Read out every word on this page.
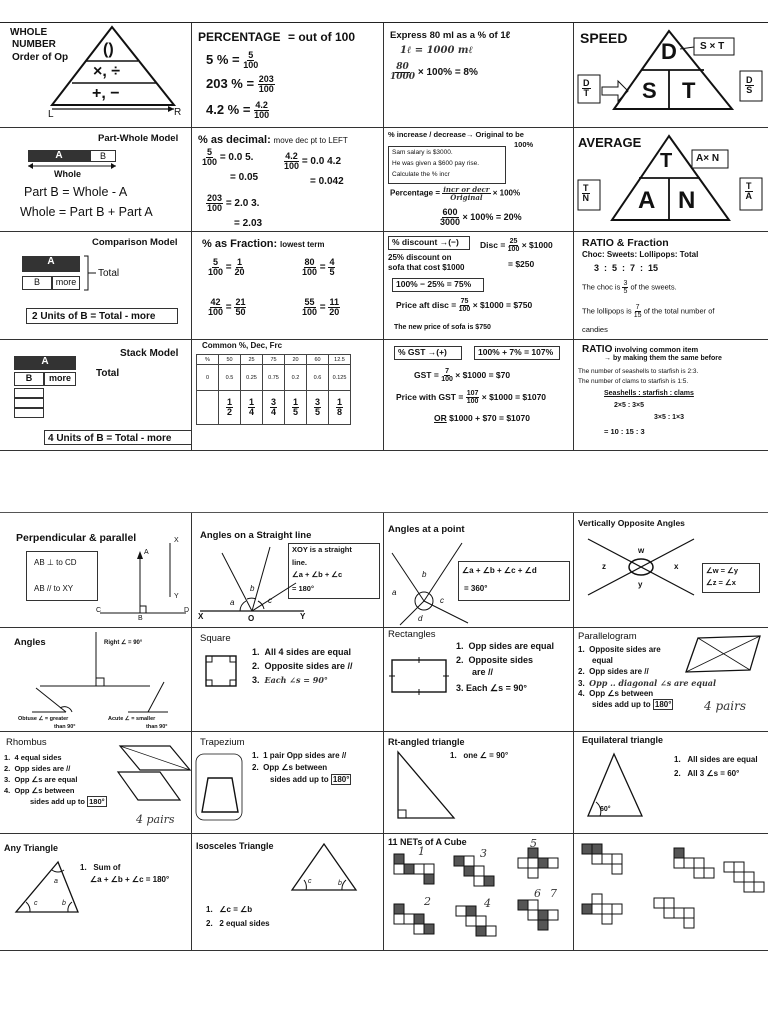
WHOLE
NUMBER
Order of Op ()
×, ÷
+, −
L	R
PERCENTAGE = out of 100
5 % = $\frac{5}{100}$
203 % = $\frac{203}{100}$
4.2 % = $\frac{4.2}{100}$
Express 80 ml as a % of 1ℓ
1ℓ = 1000 mℓ
$\frac{80}{1000} \times 100\% = 8\%$
SPEED
D
S T
S × T
$\frac{D}{T}$	$\frac{D}{S}$
Part-Whole Model
A	B
Whole
Part B = Whole - A
Whole = Part B + Part A
% as decimal: move dec pt to LEFT
$\frac{5}{100} = 0.0$ 5.
= 0.05
$\frac{4.2}{100} = 0.0$ 4.2
= 0.042
$\frac{203}{100} = 2.0$ 3.
= 2.03
% increase / decrease→ Original to be
100%
Sam salary is $3000.
He was given a $600 pay rise.
Calculate the % incr
Percentage = $\frac{\text{incr or decr}}{\text{Original}} \times 100\%$
$\frac{600}{3000} \times 100\% = 20\%$
AVERAGE
T
A N
A× N
$\frac{T}{N}$	$\frac{T}{A}$
Comparison Model
A
B	more
Total
2 Units of B = Total - more
% as Fraction: lowest term
$\frac{5}{100} = \frac{1}{20}$	$\frac{80}{100} = \frac{4}{5}$
$\frac{42}{100} = \frac{21}{50}$	$\frac{55}{100} = \frac{11}{20}$
% discount →(−) Disc = $\frac{25}{100}$ × $1000
= $250
25% discount on
sofa that cost $1000
100% − 25% = 75%
Price aft disc = $\frac{75}{100}$ × $1000 = $750
The new price of sofa is $750
RATIO & Fraction
Choc: Sweets: Lollipops: Total
3  :  5  :  7  :  15
The choc is $\frac{3}{5}$ of the sweets.
The lollipops is $\frac{7}{15}$ of the total number of
candies
Stack Model
A
B	more	Total
4 Units of B = Total - more
Common %, Dec, Frc
%	50	25	75	20	60	12.5
0	0.5	0.25	0.75	0.2	0.6	0.125

	$\frac{1}{2}$	$\frac{1}{4}$	$\frac{3}{4}$	$\frac{1}{5}$	$\frac{3}{5}$	$\frac{1}{8}$
% GST →(+)	100% + 7% = 107%
GST = $\frac{7}{100}$ × $1000 = $70
Price with GST = $\frac{107}{100}$ × $1000 = $1070
OR $1000 + $70 = $1070
RATIO involving common item
→ by making them the same before
The number of seashells to starfish is 2:3.
The number of clams to starfish is 1:5.
Seashells : starfish : clams
2×5 : 3×5
3×5 : 1×3
= 10 : 15 : 3
Perpendicular & parallel
AB ⊥ to CD
AB // to XY
C
B
D
X
Y
A
Angles on a Straight line
XOY is a straight
line.
∠a + ∠b + ∠c
= 180°
X	O	Y
a
b
c
Angles at a point
a
b
c
d
∠a + ∠b + ∠c + ∠d
= 360°
Vertically Opposite Angles
w
x
y
z	∠w = ∠y
∠z = ∠x
Angles	Right ∠ = 90°
Obtuse ∠ = greater
than 90°
Acute ∠ = smaller
than 90°
Square
1.  All 4 sides are equal
2.  Opposite sides are //
3.  Each ∠s = 90°
Rectangles
1.  Opp sides are equal
2.  Opposite sides
are //
3. Each ∠s = 90°
Parallelogram
1.  Opposite sides are
equal
2.  Opp sides are //
3.  Opp .. diagonal ∠s are equal
4.  Opp ∠s between
sides add up to 180°	4 pairs
Rhombus
1.  4 equal sides
2.  Opp sides are //
3.  Opp ∠s are equal
4.  Opp ∠s between
sides add up to 180°
4 pairs
Trapezium
1.  1 pair Opp sides are //
2.  Opp ∠s between
sides add up to 180°
Rt-angled triangle
1.   one ∠ = 90°
Equilateral triangle
60°
1.   All sides are equal
2.   All 3 ∠s = 60°
Any Triangle
a
b
c
1.   Sum of
∠a + ∠b + ∠c = 180°
Isosceles Triangle
c	b
1.   ∠c = ∠b
2.   2 equal sides
11 NETs of A Cube
1
2
3
4
5
6 7
